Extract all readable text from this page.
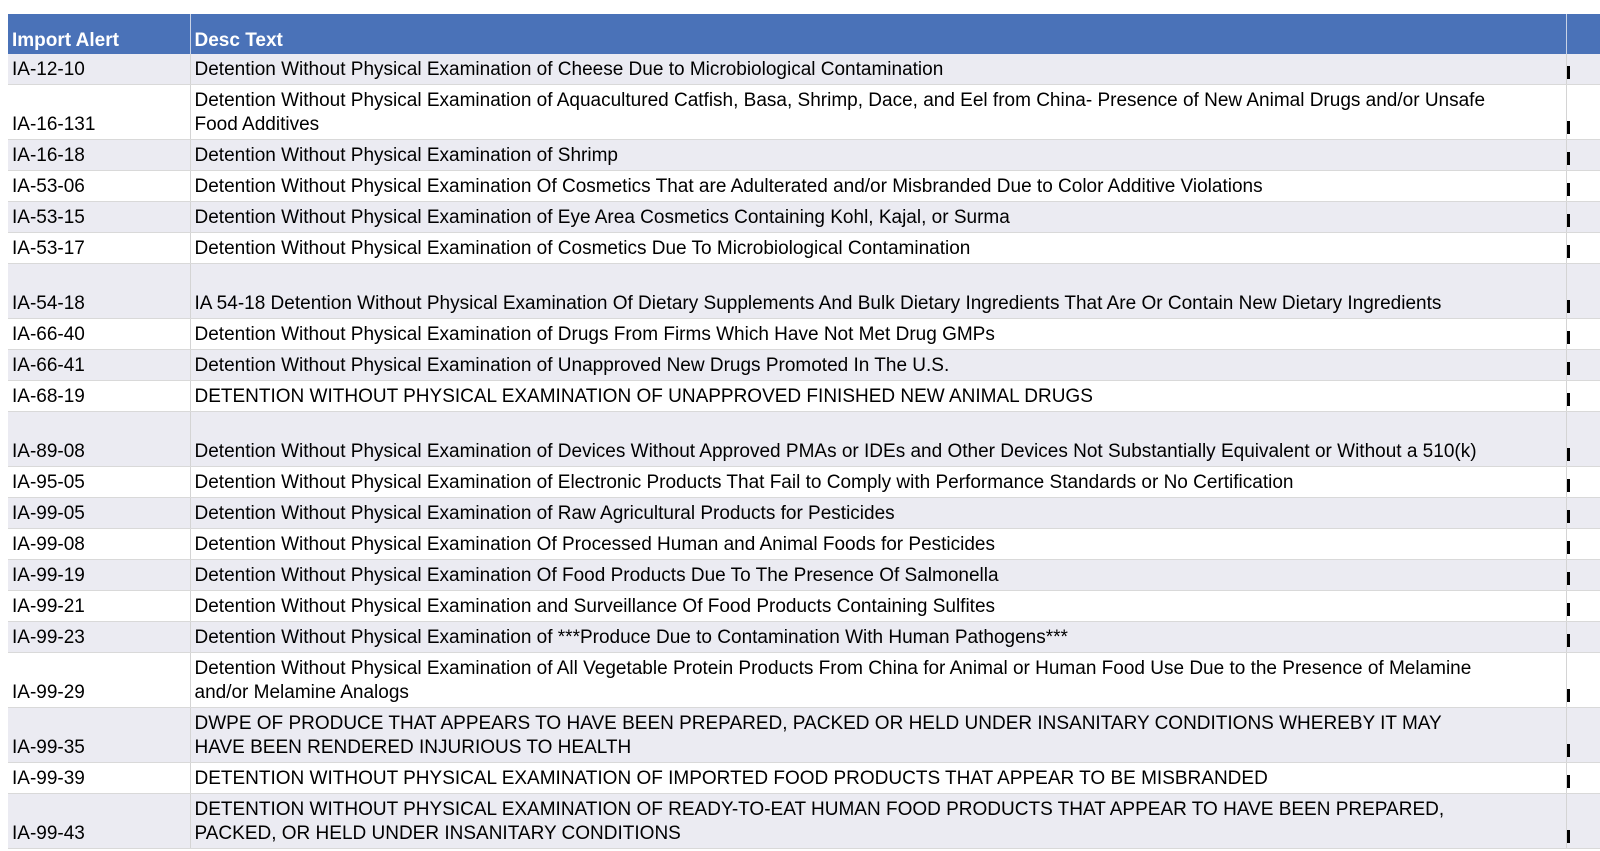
Import Alert	Desc Text	
IA-12-10	Detention Without Physical Examination of Cheese Due to Microbiological Contamination	

IA-16-131	Detention Without Physical Examination of Aquacultured Catfish, Basa, Shrimp, Dace, and Eel from China- Presence of New Animal Drugs and/or Unsafe Food Additives	

IA-16-18	Detention Without Physical Examination of Shrimp	

IA-53-06	Detention Without Physical Examination Of Cosmetics That are Adulterated and/or Misbranded Due to Color Additive Violations	

IA-53-15	Detention Without Physical Examination of Eye Area Cosmetics Containing Kohl, Kajal, or Surma	

IA-53-17	Detention Without Physical Examination of Cosmetics Due To Microbiological Contamination	

IA-54-18	IA 54-18 Detention Without Physical Examination Of Dietary Supplements And Bulk Dietary Ingredients That Are Or Contain New Dietary Ingredients	

IA-66-40	Detention Without Physical Examination of Drugs From Firms Which Have Not Met Drug GMPs	

IA-66-41	Detention Without Physical Examination of Unapproved New Drugs Promoted In The U.S.	

IA-68-19	DETENTION WITHOUT PHYSICAL EXAMINATION OF UNAPPROVED FINISHED NEW ANIMAL DRUGS	

IA-89-08	Detention Without Physical Examination of Devices Without Approved PMAs or IDEs and Other Devices Not Substantially Equivalent or Without a 510(k)	

IA-95-05	Detention Without Physical Examination of Electronic Products That Fail to Comply with Performance Standards or No Certification	

IA-99-05	Detention Without Physical Examination of Raw Agricultural Products for Pesticides	

IA-99-08	Detention Without Physical Examination Of Processed Human and Animal Foods for Pesticides	

IA-99-19	Detention Without Physical Examination Of Food Products Due To The Presence Of Salmonella	

IA-99-21	Detention Without Physical Examination and Surveillance Of Food Products Containing Sulfites	

IA-99-23	Detention Without Physical Examination of ***Produce Due to Contamination With Human Pathogens***	

IA-99-29	Detention Without Physical Examination of All Vegetable Protein Products From China for Animal or Human Food Use Due to the Presence of Melamine and/or Melamine Analogs	

IA-99-35	DWPE OF PRODUCE THAT APPEARS TO HAVE BEEN PREPARED, PACKED OR HELD UNDER INSANITARY CONDITIONS WHEREBY IT MAY HAVE BEEN RENDERED INJURIOUS TO HEALTH	

IA-99-39	DETENTION WITHOUT PHYSICAL EXAMINATION OF IMPORTED FOOD PRODUCTS THAT APPEAR TO BE MISBRANDED	

IA-99-43	DETENTION WITHOUT PHYSICAL EXAMINATION OF READY-TO-EAT HUMAN FOOD PRODUCTS THAT APPEAR TO HAVE BEEN PREPARED, PACKED, OR HELD UNDER INSANITARY CONDITIONS	
